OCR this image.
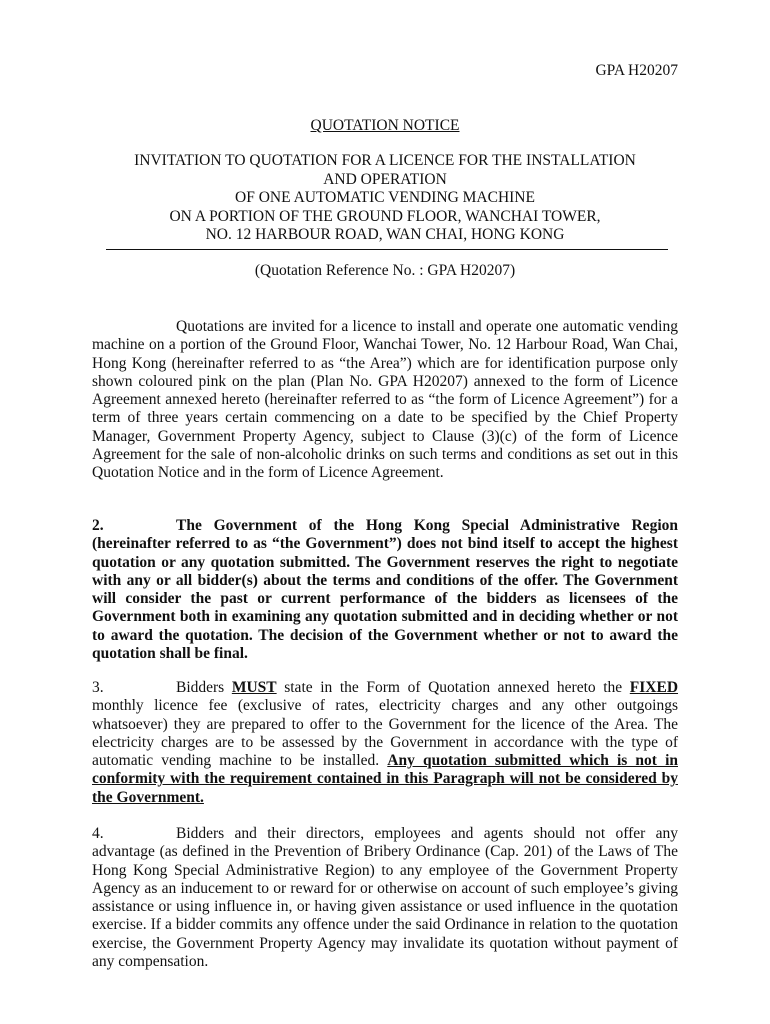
GPA H20207
QUOTATION NOTICE
INVITATION TO QUOTATION FOR A LICENCE FOR THE INSTALLATION
AND OPERATION
OF ONE AUTOMATIC VENDING MACHINE
ON A PORTION OF THE GROUND FLOOR, WANCHAI TOWER,
NO. 12 HARBOUR ROAD, WAN CHAI, HONG KONG
(Quotation Reference No. : GPA H20207)
Quotations are invited for a licence to install and operate one automatic vending machine on a portion of the Ground Floor, Wanchai Tower, No. 12 Harbour Road, Wan Chai, Hong Kong (hereinafter referred to as “the Area”) which are for identification purpose only shown coloured pink on the plan (Plan No. GPA H20207) annexed to the form of Licence Agreement annexed hereto (hereinafter referred to as “the form of Licence Agreement”) for a term of three years certain commencing on a date to be specified by the Chief Property Manager, Government Property Agency, subject to Clause (3)(c) of the form of Licence Agreement for the sale of non-alcoholic drinks on such terms and conditions as set out in this Quotation Notice and in the form of Licence Agreement.
2.	The Government of the Hong Kong Special Administrative Region (hereinafter referred to as “the Government”) does not bind itself to accept the highest quotation or any quotation submitted. The Government reserves the right to negotiate with any or all bidder(s) about the terms and conditions of the offer. The Government will consider the past or current performance of the bidders as licensees of the Government both in examining any quotation submitted and in deciding whether or not to award the quotation. The decision of the Government whether or not to award the quotation shall be final.
3.	Bidders MUST state in the Form of Quotation annexed hereto the FIXED monthly licence fee (exclusive of rates, electricity charges and any other outgoings whatsoever) they are prepared to offer to the Government for the licence of the Area. The electricity charges are to be assessed by the Government in accordance with the type of automatic vending machine to be installed. Any quotation submitted which is not in conformity with the requirement contained in this Paragraph will not be considered by the Government.
4.	Bidders and their directors, employees and agents should not offer any advantage (as defined in the Prevention of Bribery Ordinance (Cap. 201) of the Laws of The Hong Kong Special Administrative Region) to any employee of the Government Property Agency as an inducement to or reward for or otherwise on account of such employee’s giving assistance or using influence in, or having given assistance or used influence in the quotation exercise. If a bidder commits any offence under the said Ordinance in relation to the quotation exercise, the Government Property Agency may invalidate its quotation without payment of any compensation.
